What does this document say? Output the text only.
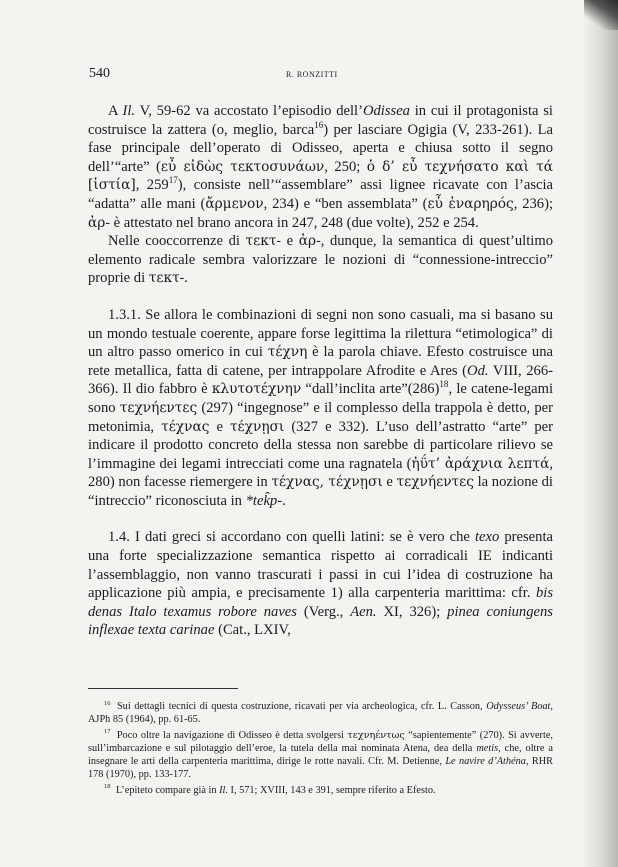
540	R. RONZITTI

A Il. V, 59-62 va accostato l’episodio dell’Odissea in cui il protagonista si costruisce la zattera (o, meglio, barca$^{16}$) per lasciare Ogigia (V, 233-261). La fase principale dell’operato di Odisseo, aperta e chiusa sotto il segno dell’“arte” (εὖ εἰδὼς τεκτοσυνάων, 250; ὁ δ’ εὖ τεχνήσατο καὶ τά [ἱστία], $259^{17}$), consiste nell’“assemblare” assi lignee ricavate con l’ascia “adatta” alle mani (ἄρμενον, 234) e “ben assemblata” (εὖ ἐναρηρός, 236); ἀρ- è attestato nel brano ancora in 247, 248 (due volte), 252 e 254.

Nelle cooccorrenze di τεκτ- e ἀρ-, dunque, la semantica di quest’ultimo elemento radicale sembra valorizzare le nozioni di “connessione-intreccio” proprie di τεκτ-.

1.3.1. Se allora le combinazioni di segni non sono casuali, ma si basano su un mondo testuale coerente, appare forse legittima la rilettura “etimologica” di un altro passo omerico in cui τέχνη è la parola chiave. Efesto costruisce una rete metallica, fatta di catene, per intrappolare Afrodite e Ares (Od. VIII, 266-366). Il dio fabbro è κλυτοτέχνην “dall’inclita $arte”(286)^{18}$, le catene-legami sono τεχνήεντες (297) “ingegnose” e il complesso della trappola è detto, per metonimia, τέχνας e τέχνῃσι (327 e 332). L’uso dell’astratto “arte” per indicare il prodotto concreto della stessa non sarebbe di particolare rilievo se l’immagine dei legami intrecciati come una ragnatela (ἠΰτ’ ἀράχνια λεπτά, 280) non facesse riemergere in τέχνας, τέχνῃσι e τεχνήεντες la nozione di “intreccio” riconosciuta in *tek̑p-.

1.4. I dati greci si accordano con quelli latini: se è vero che texo presenta una forte specializzazione semantica rispetto ai corradicali IE indicanti l’assemblaggio, non vanno trascurati i passi in cui l’idea di costruzione ha applicazione più ampia, e precisamente 1) alla carpenteria marittima: cfr. bis denas Italo texamus robore naves (Verg., Aen. XI, 326); pinea coniungens inflexae texta carinae (Cat., LXIV,

$^{16}$ Sui dettagli tecnici di questa costruzione, ricavati per via archeologica, cfr. L. Casson, Odysseus’ Boat, AJPh 85 (1964), pp. 61-65.

$^{17}$ Poco oltre la navigazione di Odisseo è detta svolgersi τεχνηέντως “sapientemente” (270). Si avverte, sull’imbarcazione e sul pilotaggio dell’eroe, la tutela della mai nominata Atena, dea della metis, che, oltre a insegnare le arti della carpenteria marittima, dirige le rotte navali. Cfr. M. Detienne, Le navire d’Athéna, RHR 178 (1970), pp. 133-177.

$^{18}$ L’epiteto compare già in Il. I, 571; XVIII, 143 e 391, sempre riferito a Efesto.
